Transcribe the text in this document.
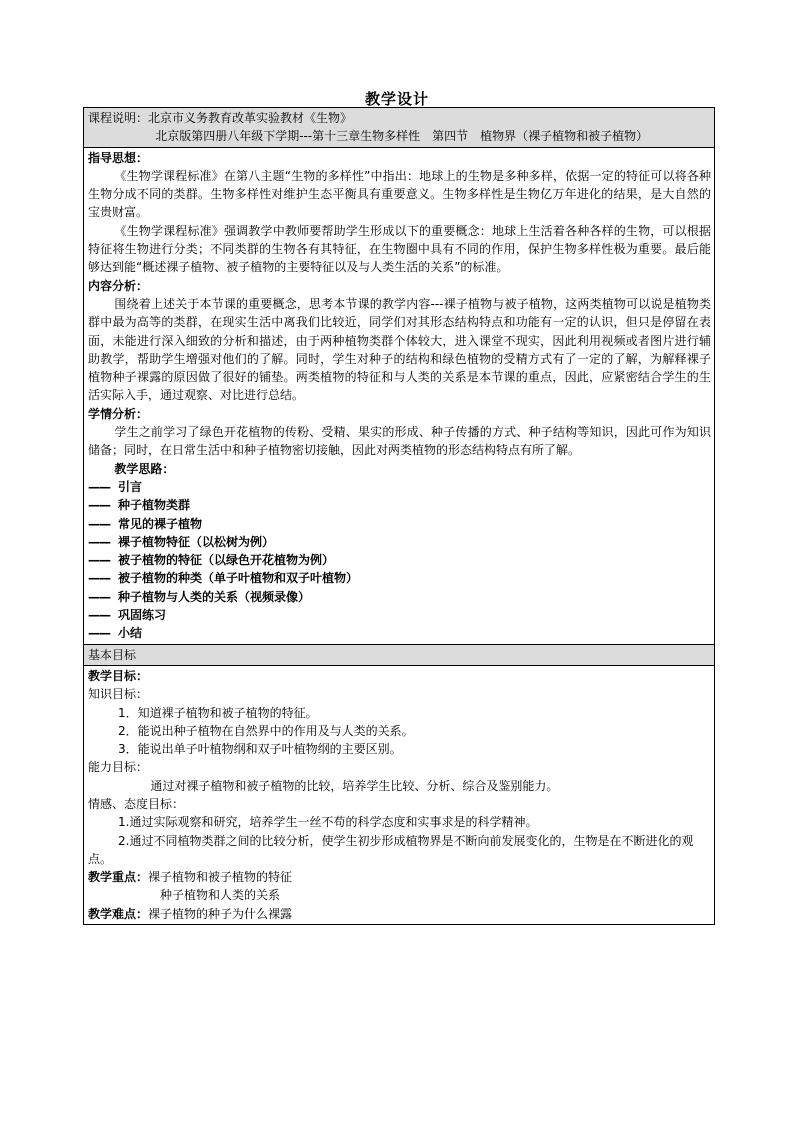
教学设计

课程说明：北京市义务教育改革实验教材《生物》

北京版第四册八年级下学期---第十三章生物多样性　第四节　植物界（裸子植物和被子植物）

指导思想：

《生物学课程标准》在第八主题“生物的多样性”中指出：地球上的生物是多种多样，依据一定的特征可以将各种生物分成不同的类群。生物多样性对维护生态平衡具有重要意义。生物多样性是生物亿万年进化的结果，是大自然的宝贵财富。

《生物学课程标准》强调教学中教师要帮助学生形成以下的重要概念：地球上生活着各种各样的生物，可以根据特征将生物进行分类；不同类群的生物各有其特征，在生物圈中具有不同的作用，保护生物多样性极为重要。最后能够达到能“概述裸子植物、被子植物的主要特征以及与人类生活的关系”的标准。

内容分析：

围绕着上述关于本节课的重要概念，思考本节课的教学内容---裸子植物与被子植物，这两类植物可以说是植物类群中最为高等的类群，在现实生活中离我们比较近，同学们对其形态结构特点和功能有一定的认识，但只是停留在表面，未能进行深入细致的分析和描述，由于两种植物类群个体较大，进入课堂不现实，因此利用视频或者图片进行辅助教学，帮助学生增强对他们的了解。同时，学生对种子的结构和绿色植物的受精方式有了一定的了解，为解释裸子植物种子裸露的原因做了很好的铺垫。两类植物的特征和与人类的关系是本节课的重点，因此，应紧密结合学生的生活实际入手，通过观察、对比进行总结。

学情分析：

学生之前学习了绿色开花植物的传粉、受精、果实的形成、种子传播的方式、种子结构等知识，因此可作为知识储备；同时，在日常生活中和种子植物密切接触，因此对两类植物的形态结构特点有所了解。

教学思路：

—— 引言

—— 种子植物类群

—— 常见的裸子植物

—— 裸子植物特征（以松树为例）

—— 被子植物的特征（以绿色开花植物为例）

—— 被子植物的种类（单子叶植物和双子叶植物）

—— 种子植物与人类的关系（视频录像）

—— 巩固练习

—— 小结

基本目标
教学目标：
知识目标：

1．知道裸子植物和被子植物的特征。

2．能说出种子植物在自然界中的作用及与人类的关系。

3．能说出单子叶植物纲和双子叶植物纲的主要区别。

能力目标：

通过对裸子植物和被子植物的比较，培养学生比较、分析、综合及鉴别能力。

情感、态度目标：

1.通过实际观察和研究，培养学生一丝不苟的科学态度和实事求是的科学精神。

2.通过不同植物类群之间的比较分析，使学生初步形成植物界是不断向前发展变化的，生物是在不断进化的观点。

教学重点：裸子植物和被子植物的特征

种子植物和人类的关系

教学难点：裸子植物的种子为什么裸露
